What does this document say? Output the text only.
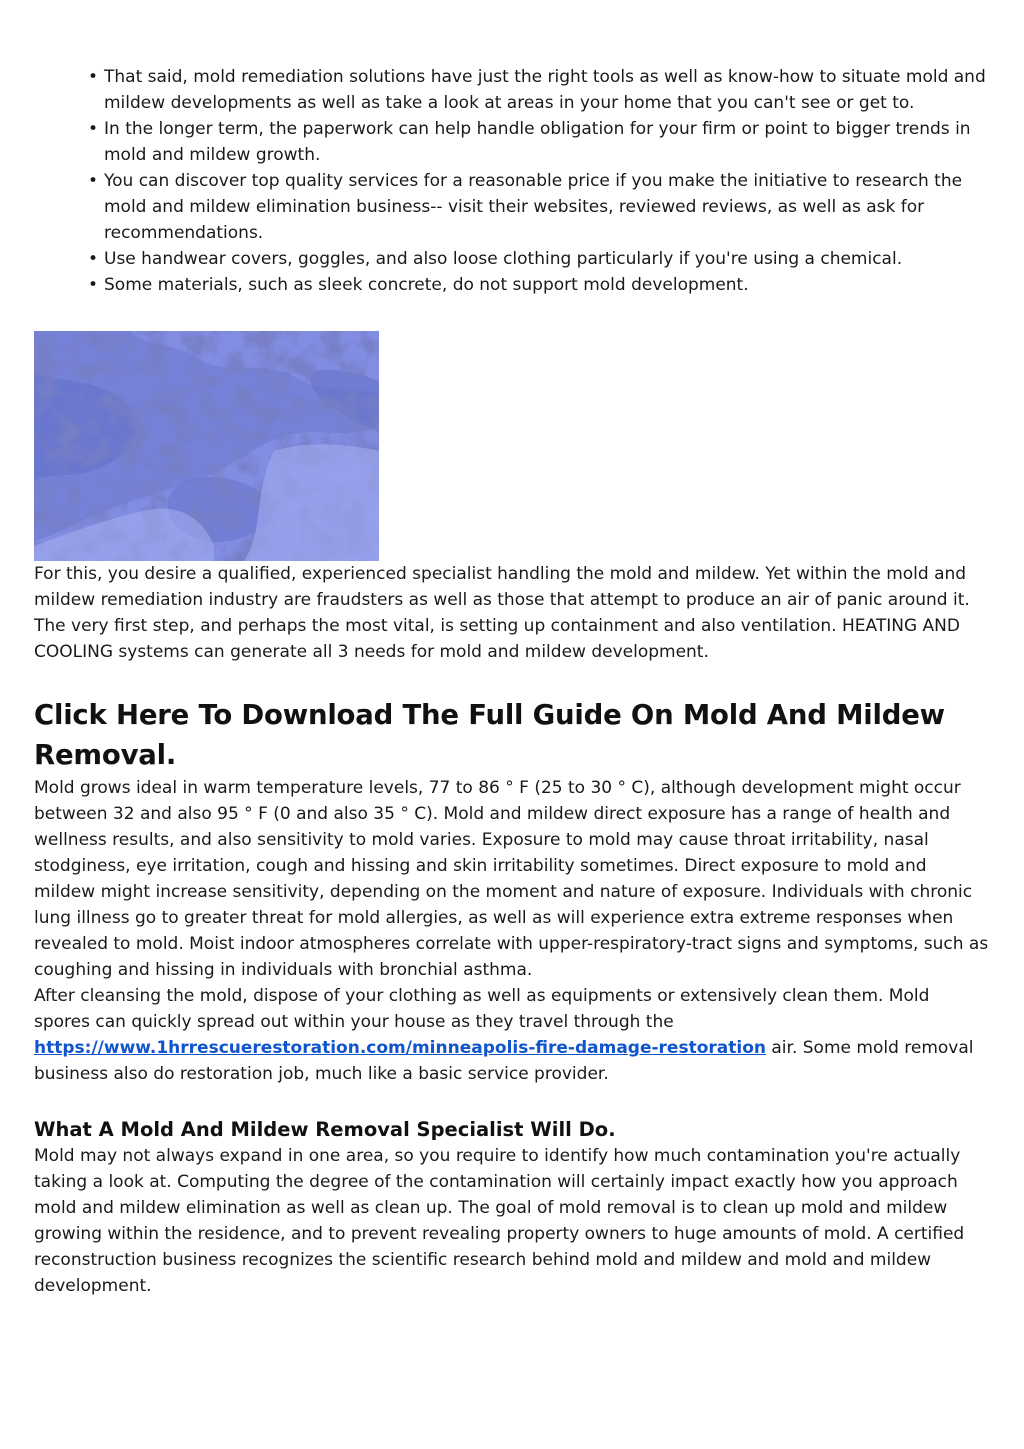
• That said, mold remediation solutions have just the right tools as well as know-how to situate mold and mildew developments as well as take a look at areas in your home that you can't see or get to.
• In the longer term, the paperwork can help handle obligation for your firm or point to bigger trends in mold and mildew growth.
• You can discover top quality services for a reasonable price if you make the initiative to research the mold and mildew elimination business-- visit their websites, reviewed reviews, as well as ask for recommendations.
• Use handwear covers, goggles, and also loose clothing particularly if you're using a chemical.
• Some materials, such as sleek concrete, do not support mold development.

For this, you desire a qualified, experienced specialist handling the mold and mildew. Yet within the mold and mildew remediation industry are fraudsters as well as those that attempt to produce an air of panic around it. The very first step, and perhaps the most vital, is setting up containment and also ventilation. HEATING AND COOLING systems can generate all 3 needs for mold and mildew development.

Click Here To Download The Full Guide On Mold And Mildew Removal.

Mold grows ideal in warm temperature levels, 77 to 86 ° F (25 to 30 ° C), although development might occur between 32 and also 95 ° F (0 and also 35 ° C). Mold and mildew direct exposure has a range of health and wellness results, and also sensitivity to mold varies. Exposure to mold may cause throat irritability, nasal stodginess, eye irritation, cough and hissing and skin irritability sometimes. Direct exposure to mold and mildew might increase sensitivity, depending on the moment and nature of exposure. Individuals with chronic lung illness go to greater threat for mold allergies, as well as will experience extra extreme responses when revealed to mold. Moist indoor atmospheres correlate with upper-respiratory-tract signs and symptoms, such as coughing and hissing in individuals with bronchial asthma.

After cleansing the mold, dispose of your clothing as well as equipments or extensively clean them. Mold spores can quickly spread out within your house as they travel through the https://www.1hrrescuerestoration.com/minneapolis-fire-damage-restoration air. Some mold removal business also do restoration job, much like a basic service provider.

What A Mold And Mildew Removal Specialist Will Do.

Mold may not always expand in one area, so you require to identify how much contamination you're actually taking a look at. Computing the degree of the contamination will certainly impact exactly how you approach mold and mildew elimination as well as clean up. The goal of mold removal is to clean up mold and mildew growing within the residence, and to prevent revealing property owners to huge amounts of mold. A certified reconstruction business recognizes the scientific research behind mold and mildew and mold and mildew development.
